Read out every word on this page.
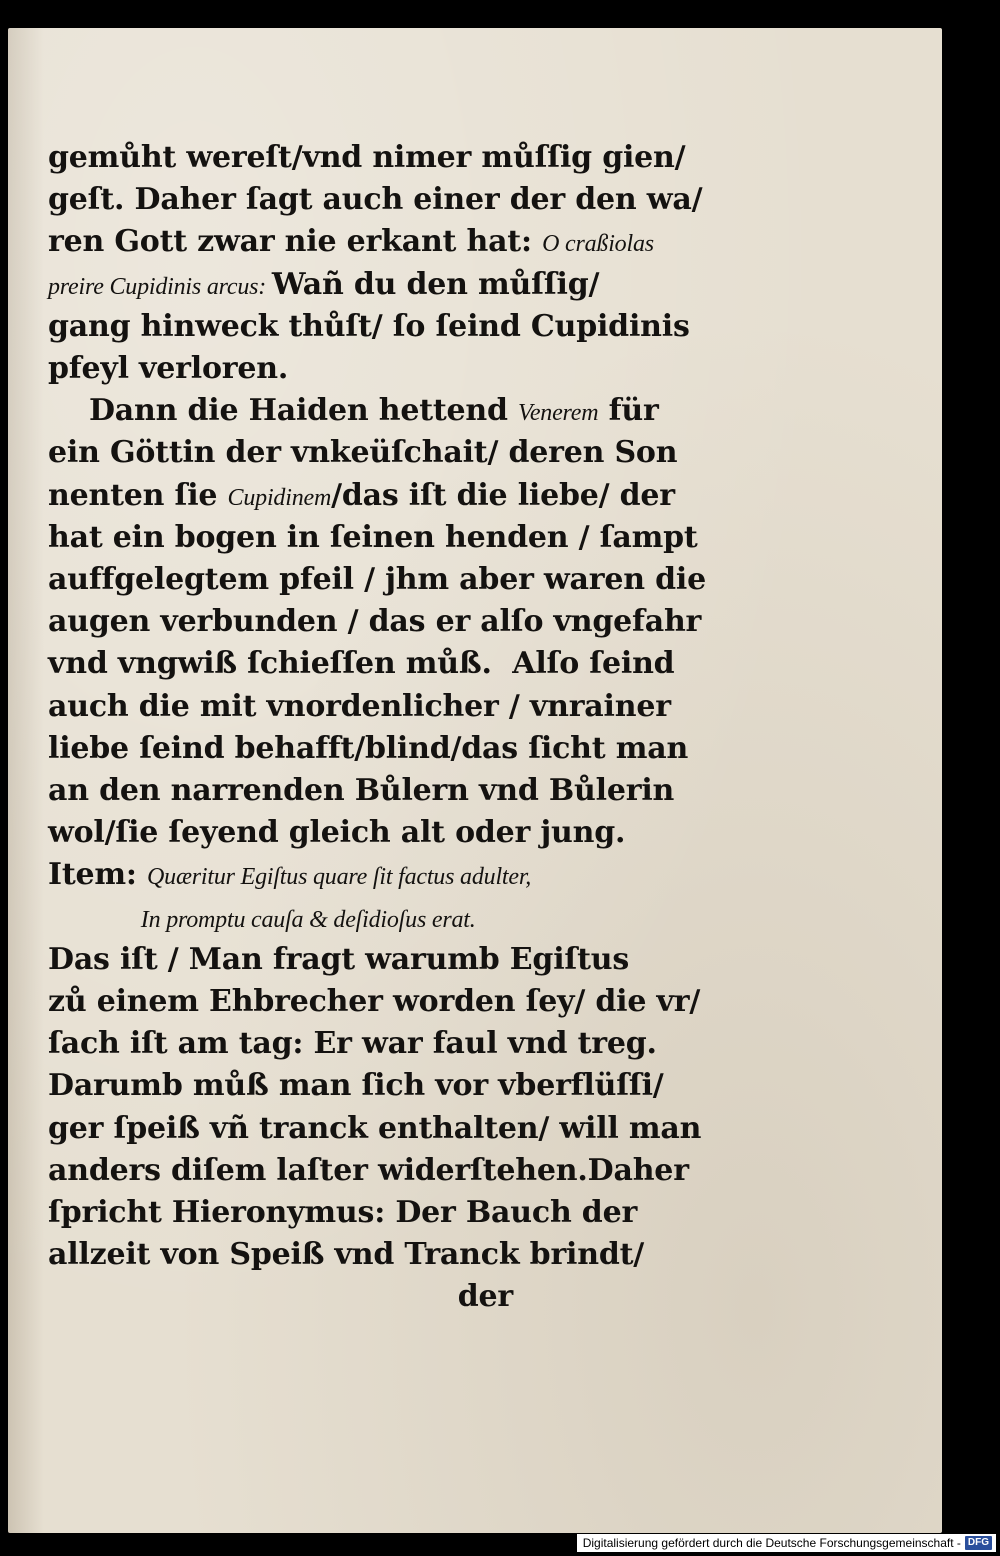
gemůht wereſt/vnd nimer můſſig gien/
geſt. Daher ſagt auch einer der den wa/
ren Gott zwar nie erkant hat: O craßiolas
preire Cupidinis arcus: Wañ du den můſſig/
gang hinweck thůſt/ ſo ſeind Cupidinis
pfeyl verloren.
Dann die Haiden hettend Venerem für
ein Göttin der vnkeüſchait/ deren Son
nenten ſie Cupidinem/das iſt die liebe/ der
hat ein bogen in ſeinen henden / ſampt
auffgelegtem pfeil / jhm aber waren die
augen verbunden / das er alſo vngefahr
vnd vngwiß ſchieſſen můß.  Alſo ſeind
auch die mit vnordenlicher / vnrainer
liebe ſeind behafft/blind/das ſicht man
an den narrenden Bůlern vnd Bůlerin
wol/ſie ſeyend gleich alt oder jung.
Item: Quæritur Egiſtus quare ſit factus adulter,
In promptu cauſa & deſidioſus erat.
Das iſt / Man fragt warumb Egiſtus
zů einem Ehbrecher worden ſey/ die vr/
ſach iſt am tag: Er war faul vnd treg.
Darumb můß man ſich vor vberflüſſi/
ger ſpeiß vñ tranck enthalten/ will man
anders diſem laſter widerſtehen.Daher
ſpricht Hieronymus: Der Bauch der
allzeit von Speiß vnd Tranck brindt/
der
Digitalisierung gefördert durch die Deutsche Forschungsgemeinschaft - DFG
